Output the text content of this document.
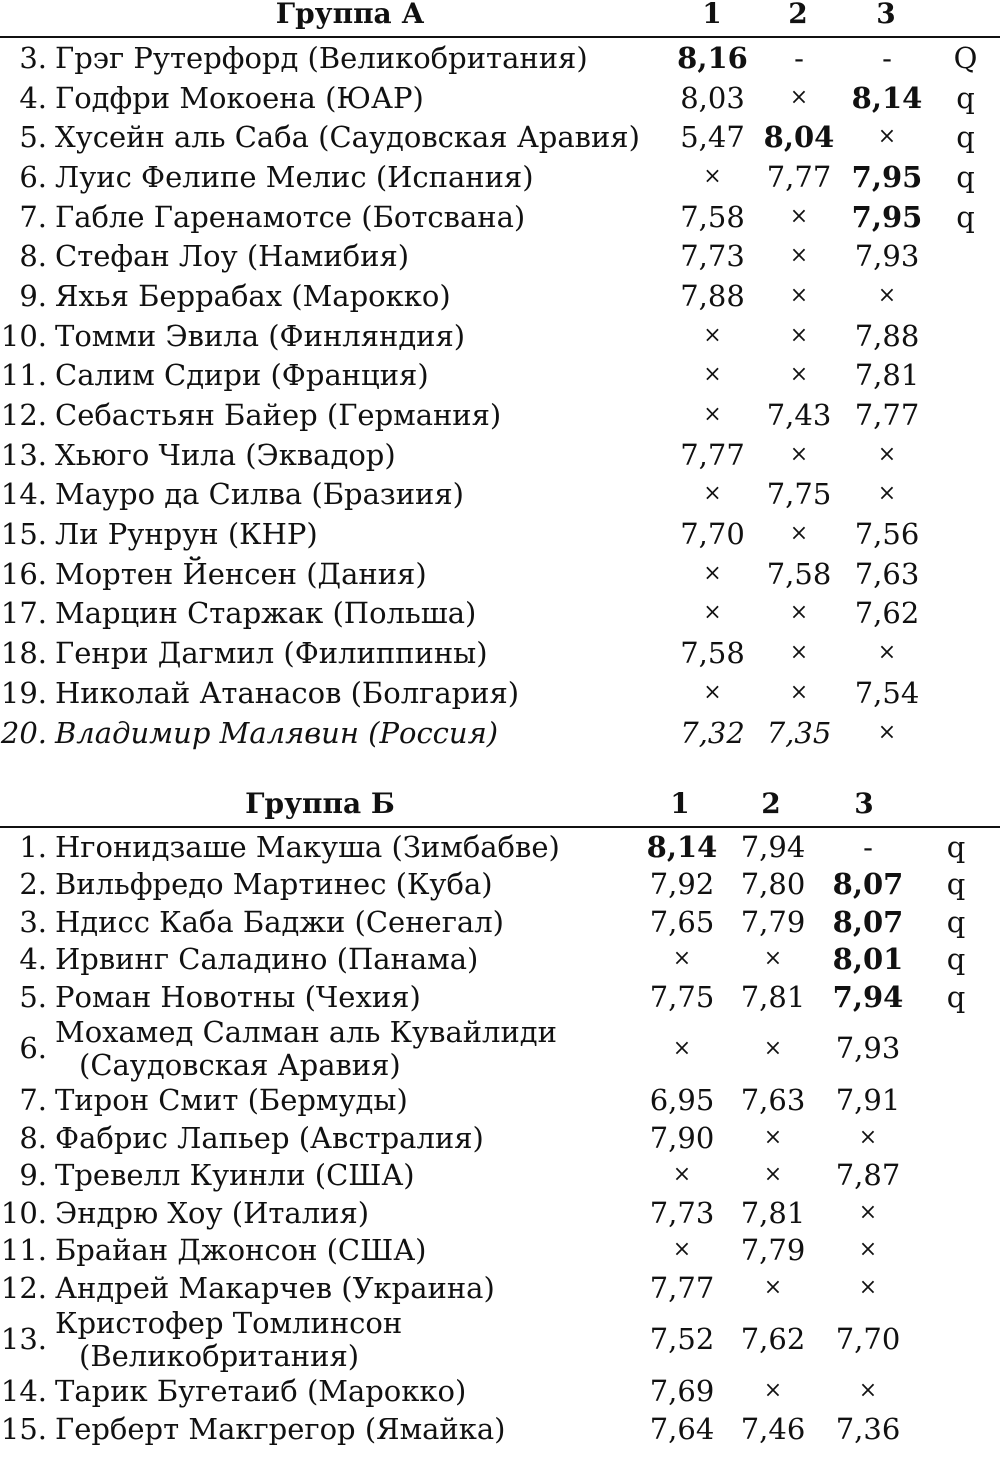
Группа А	1	2	3
3.	Грэг Рутерфорд (Великобритания)	8,16	-	-	Q
4.	Годфри Мокоена (ЮАР)	8,03	×	8,14	q
5.	Хусейн аль Саба (Саудовская Аравия)	5,47	8,04	×	q
6.	Луис Фелипе Мелис (Испания)	×	7,77	7,95	q
7.	Габле Гаренамотсе (Ботсвана)	7,58	×	7,95	q
8.	Стефан Лоу (Намибия)	7,73	×	7,93	
9.	Яхья Беррабах (Марокко)	7,88	×	×	
10.	Томми Эвила (Финляндия)	×	×	7,88	
11.	Салим Сдири (Франция)	×	×	7,81	
12.	Себастьян Байер (Германия)	×	7,43	7,77	
13.	Хьюго Чила (Эквадор)	7,77	×	×	
14.	Мауро да Силва (Бразиия)	×	7,75	×	
15.	Ли Рунрун (КНР)	7,70	×	7,56	
16.	Мортен Йенсен (Дания)	×	7,58	7,63	
17.	Марцин Старжак (Польша)	×	×	7,62	
18.	Генри Дагмил (Филиппины)	7,58	×	×	
19.	Николай Атанасов (Болгария)	×	×	7,54	
20.	Владимир Малявин (Россия)	7,32	7,35	×	
Группа Б	1	2	3
1.	Нгонидзаше Макуша (Зимбабве)	8,14	7,94	-	q
2.	Вильфредо Мартинес (Куба)	7,92	7,80	8,07	q
3.	Ндисс Каба Баджи (Сенегал)	7,65	7,79	8,07	q
4.	Ирвинг Саладино (Панама)	×	×	8,01	q
5.	Роман Новотны (Чехия)	7,75	7,81	7,94	q
6.	Мохамед Салман аль Кувайлиди
(Саудовская Аравия)	×	×	7,93	
7.	Тирон Смит (Бермуды)	6,95	7,63	7,91	
8.	Фабрис Лапьер (Австралия)	7,90	×	×	
9.	Тревелл Куинли (США)	×	×	7,87	
10.	Эндрю Хоу (Италия)	7,73	7,81	×	
11.	Брайан Джонсон (США)	×	7,79	×	
12.	Андрей Макарчев (Украина)	7,77	×	×	
13.	Кристофер Томлинсон
(Великобритания)	7,52	7,62	7,70	
14.	Тарик Бугетаиб (Марокко)	7,69	×	×	
15.	Герберт Макгрегор (Ямайка)	7,64	7,46	7,36	
